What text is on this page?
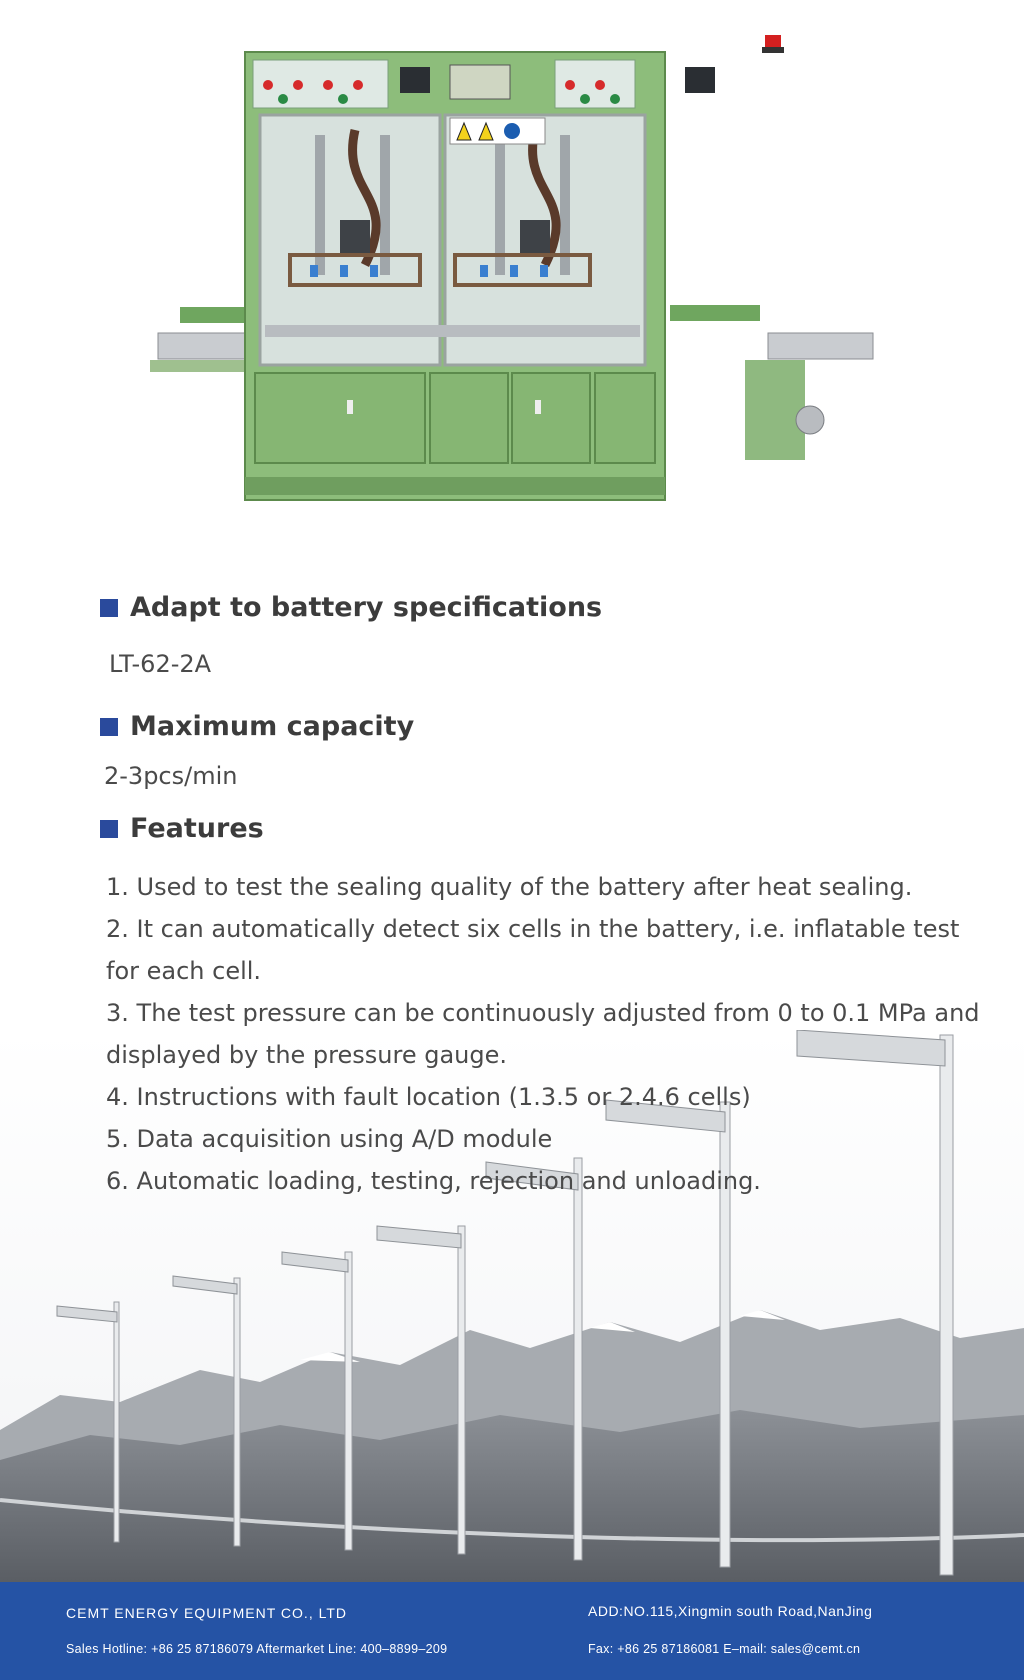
Adapt to battery specifications
LT-62-2A
Maximum capacity
2-3pcs/min
Features
1. Used to test the sealing quality of the battery after heat sealing.
2. It can automatically detect six cells in the battery, i.e. inflatable test for each cell.
3. The test pressure can be continuously adjusted from 0 to 0.1 MPa and displayed by the pressure gauge.
4. Instructions with fault location (1.3.5 or 2.4.6 cells)
5. Data acquisition using A/D module
6. Automatic loading, testing, rejection and unloading.
CEMT ENERGY EQUIPMENT CO., LTD
Sales Hotline: +86 25 87186079 Aftermarket Line: 400–8899–209
ADD:NO.115,Xingmin south Road,NanJing
Fax: +86 25 87186081 E–mail: sales@cemt.cn
